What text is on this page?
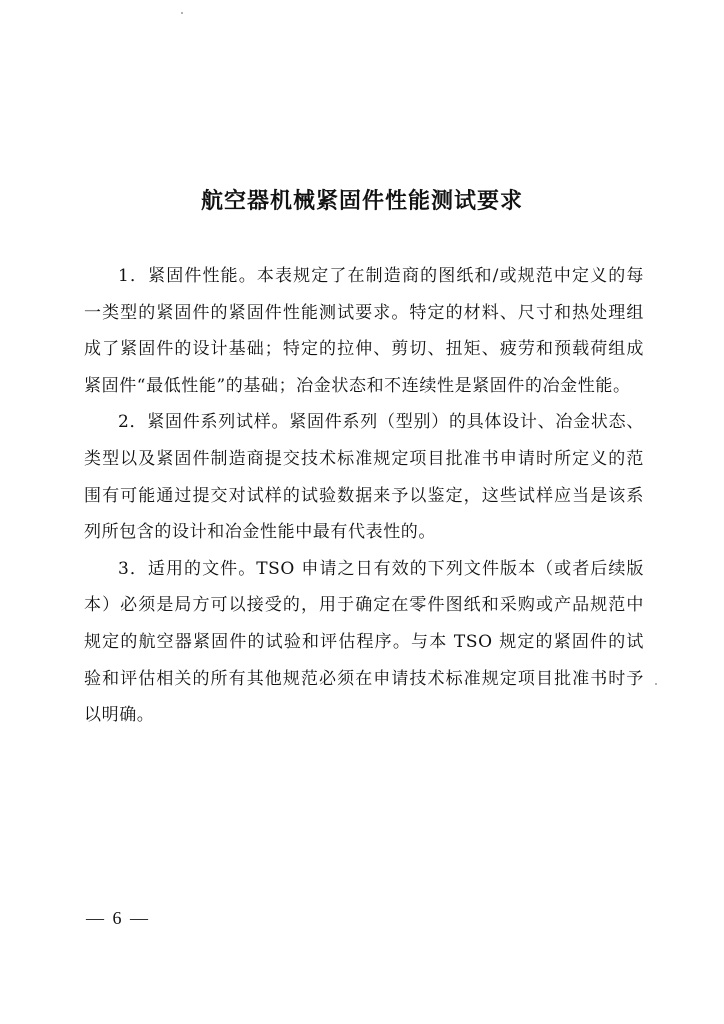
航空器机械紧固件性能测试要求

1．紧固件性能。本表规定了在制造商的图纸和/或规范中定义的每一类型的紧固件的紧固件性能测试要求。特定的材料、尺寸和热处理组成了紧固件的设计基础；特定的拉伸、剪切、扭矩、疲劳和预载荷组成紧固件“最低性能”的基础；冶金状态和不连续性是紧固件的冶金性能。

2．紧固件系列试样。紧固件系列（型别）的具体设计、冶金状态、类型以及紧固件制造商提交技术标准规定项目批准书申请时所定义的范围有可能通过提交对试样的试验数据来予以鉴定，这些试样应当是该系列所包含的设计和冶金性能中最有代表性的。

3．适用的文件。TSO 申请之日有效的下列文件版本（或者后续版本）必须是局方可以接受的，用于确定在零件图纸和采购或产品规范中规定的航空器紧固件的试验和评估程序。与本 TSO 规定的紧固件的试验和评估相关的所有其他规范必须在申请技术标准规定项目批准书时予以明确。

— 6 —
